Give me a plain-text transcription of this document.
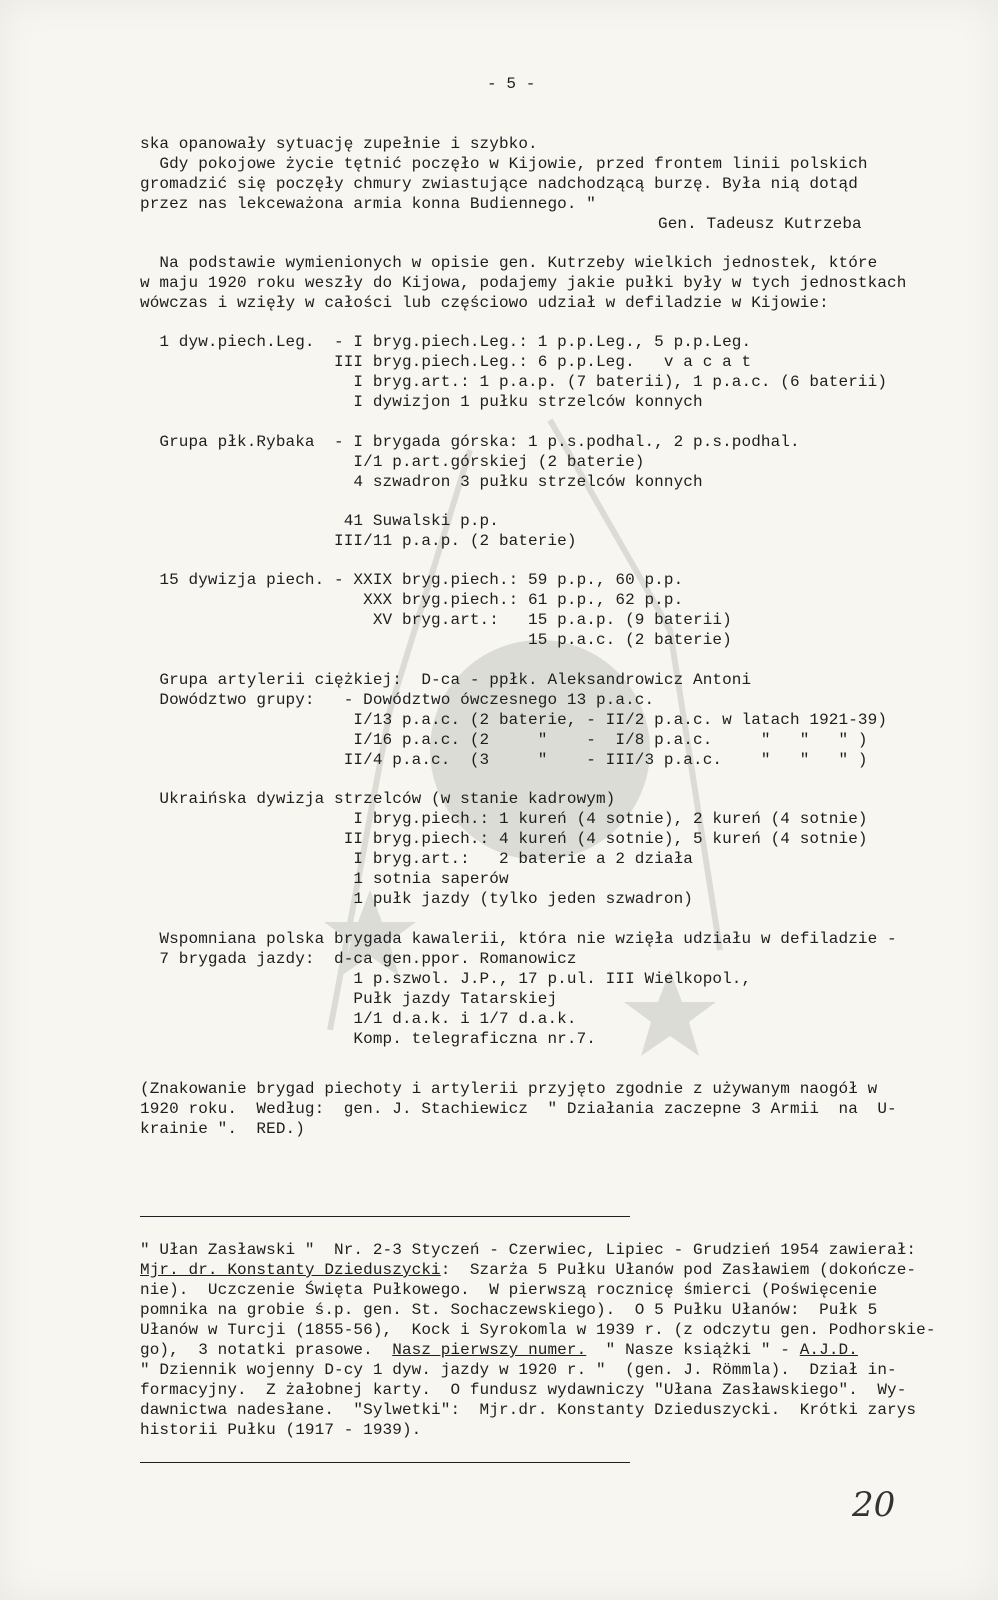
- 5 -
ska opanowały sytuację zupełnie i szybko.
Gdy pokojowe życie tętnić poczęło w Kijowie, przed frontem linii polskich
gromadzić się poczęły chmury zwiastujące nadchodzącą burzę. Była nią dotąd
przez nas lekceważona armia konna Budiennego. "
Gen. Tadeusz Kutrzeba
Na podstawie wymienionych w opisie gen. Kutrzeby wielkich jednostek, które
w maju 1920 roku weszły do Kijowa, podajemy jakie pułki były w tych jednostkach
wówczas i wzięły w całości lub częściowo udział w defiladzie w Kijowie:
1 dyw.piech.Leg.  - I bryg.piech.Leg.: 1 p.p.Leg., 5 p.p.Leg.
III bryg.piech.Leg.: 6 p.p.Leg.   v a c a t
I bryg.art.: 1 p.a.p. (7 baterii), 1 p.a.c. (6 baterii)
I dywizjon 1 pułku strzelców konnych
Grupa płk.Rybaka  - I brygada górska: 1 p.s.podhal., 2 p.s.podhal.
I/1 p.art.górskiej (2 baterie)
4 szwadron 3 pułku strzelców konnych
41 Suwalski p.p.
III/11 p.a.p. (2 baterie)
15 dywizja piech. - XXIX bryg.piech.: 59 p.p., 60 p.p.
XXX bryg.piech.: 61 p.p., 62 p.p.
XV bryg.art.:   15 p.a.p. (9 baterii)
15 p.a.c. (2 baterie)
Grupa artylerii ciężkiej:  D-ca - ppłk. Aleksandrowicz Antoni
Dowództwo grupy:   - Dowództwo ówczesnego 13 p.a.c.
I/13 p.a.c. (2 baterie, - II/2 p.a.c. w latach 1921-39)
I/16 p.a.c. (2     "    -  I/8 p.a.c.     "   "   " )
II/4 p.a.c.  (3     "    - III/3 p.a.c.    "   "   " )
Ukraińska dywizja strzelców (w stanie kadrowym)
I bryg.piech.: 1 kureń (4 sotnie), 2 kureń (4 sotnie)
II bryg.piech.: 4 kureń (4 sotnie), 5 kureń (4 sotnie)
I bryg.art.:   2 baterie a 2 działa
1 sotnia saperów
1 pułk jazdy (tylko jeden szwadron)
Wspomniana polska brygada kawalerii, która nie wzięła udziału w defiladzie -
7 brygada jazdy:  d-ca gen.ppor. Romanowicz
1 p.szwol. J.P., 17 p.ul. III Wielkopol.,
Pułk jazdy Tatarskiej
1/1 d.a.k. i 1/7 d.a.k.
Komp. telegraficzna nr.7.
(Znakowanie brygad piechoty i artylerii przyjęto zgodnie z używanym naogół w
1920 roku.  Według:  gen. J. Stachiewicz  " Działania zaczepne 3 Armii  na  U-
krainie ".  RED.)
" Ułan Zasławski "  Nr. 2-3 Styczeń - Czerwiec, Lipiec - Grudzień 1954 zawierał:
Mjr. dr. Konstanty Dzieduszycki:  Szarża 5 Pułku Ułanów pod Zasławiem (dokończe-
nie).  Uczczenie Święta Pułkowego.  W pierwszą rocznicę śmierci (Poświęcenie
pomnika na grobie ś.p. gen. St. Sochaczewskiego).  O 5 Pułku Ułanów:  Pułk 5
Ułanów w Turcji (1855-56),  Kock i Syrokomla w 1939 r. (z odczytu gen. Podhorskie-
go),  3 notatki prasowe.  Nasz pierwszy numer.  " Nasze książki " - A.J.D.
" Dziennik wojenny D-cy 1 dyw. jazdy w 1920 r. "  (gen. J. Römmla).  Dział in-
formacyjny.  Z żałobnej karty.  O fundusz wydawniczy "Ułana Zasławskiego".  Wy-
dawnictwa nadesłane.  "Sylwetki":  Mjr.dr. Konstanty Dzieduszycki.  Krótki zarys
historii Pułku (1917 - 1939).
20
